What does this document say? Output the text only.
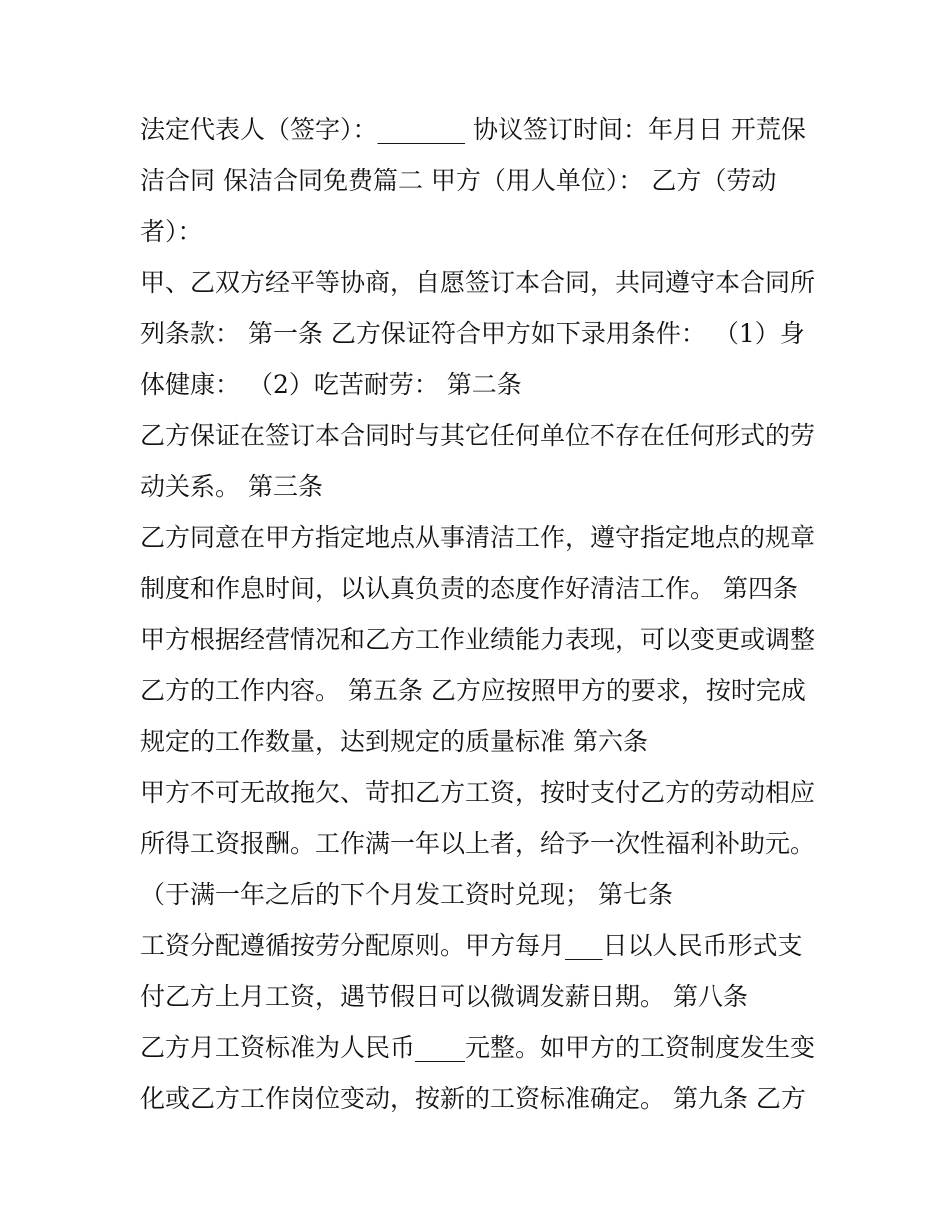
法定代表人（签字）：_______ 协议签订时间：年月日 开荒保洁合同 保洁合同免费篇二 甲方（用人单位）： 乙方（劳动者）：

甲、乙双方经平等协商，自愿签订本合同，共同遵守本合同所列条款： 第一条 乙方保证符合甲方如下录用条件： （1）身体健康： （2）吃苦耐劳： 第二条

乙方保证在签订本合同时与其它任何单位不存在任何形式的劳动关系。 第三条

乙方同意在甲方指定地点从事清洁工作，遵守指定地点的规章制度和作息时间，以认真负责的态度作好清洁工作。 第四条

甲方根据经营情况和乙方工作业绩能力表现，可以变更或调整乙方的工作内容。 第五条 乙方应按照甲方的要求，按时完成规定的工作数量，达到规定的质量标准 第六条

甲方不可无故拖欠、苛扣乙方工资，按时支付乙方的劳动相应所得工资报酬。工作满一年以上者，给予一次性福利补助元。（于满一年之后的下个月发工资时兑现； 第七条

工资分配遵循按劳分配原则。甲方每月___日以人民币形式支付乙方上月工资，遇节假日可以微调发薪日期。 第八条

乙方月工资标准为人民币____元整。如甲方的工资制度发生变化或乙方工作岗位变动，按新的工资标准确定。 第九条 乙方
